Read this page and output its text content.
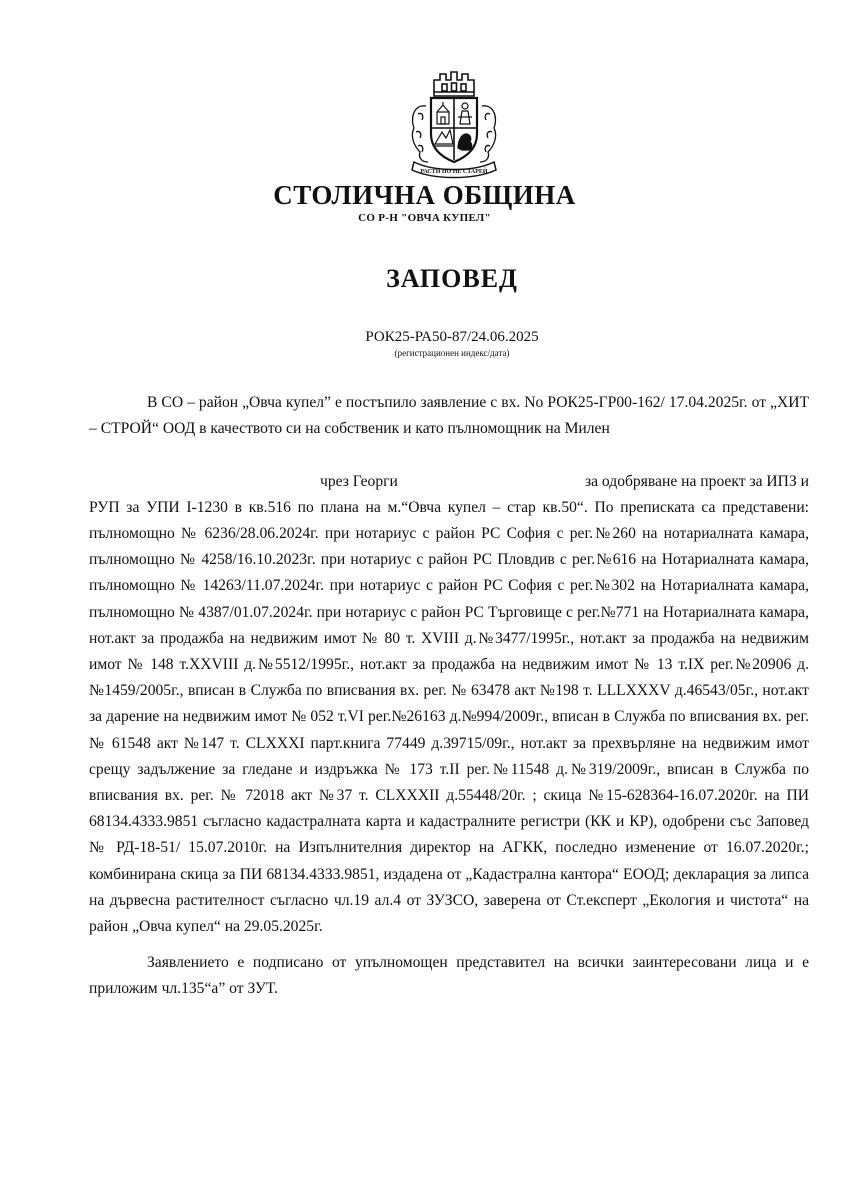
РАСТИ НО НЕ СТАРЕЙ
СТОЛИЧНА ОБЩИНА
СО Р-Н "ОВЧА КУПЕЛ"
ЗАПОВЕД
РОК25-РА50-87/24.06.2025
(регистрационен индекс/дата)

В СО – район „Овча купел” е постъпило заявление с вх. No РОК25-ГР00-162/ 17.04.2025г. от „ХИТ – СТРОЙ“ ООД в качеството си на собственик и като пълномощник на Милен

чрез Георги	за одобряване на проект за ИПЗ и

РУП за УПИ I-1230 в кв.516 по плана на м.“Овча купел – стар кв.50“. По преписката са представени: пълномощно № 6236/28.06.2024г. при нотариус с район РС София с рег.№260 на нотариалната камара, пълномощно № 4258/16.10.2023г. при нотариус с район РС Пловдив с рег.№616 на Нотариалната камара, пълномощно № 14263/11.07.2024г. при нотариус с район РС София с рег.№302 на Нотариалната камара, пълномощно № 4387/01.07.2024г. при нотариус с район РС Търговище с рег.№771 на Нотариалната камара, нот.акт за продажба на недвижим имот № 80 т. XVIII д.№3477/1995г., нот.акт за продажба на недвижим имот № 148 т.XXVIII д.№5512/1995г., нот.акт за продажба на недвижим имот № 13 т.IX рег.№20906 д.№1459/2005г., вписан в Служба по вписвания вх. рег. № 63478 акт №198 т. LLLXXXV д.46543/05г., нот.акт за дарение на недвижим имот № 052 т.VI рег.№26163 д.№994/2009г., вписан в Служба по вписвания вх. рег. № 61548 акт №147 т. CLXXXI парт.книга 77449 д.39715/09г., нот.акт за прехвърляне на недвижим имот срещу задължение за гледане и издръжка № 173 т.II рег.№11548 д.№319/2009г., вписан в Служба по вписвания вх. рег. № 72018 акт №37 т. CLXXXII д.55448/20г. ; скица №15-628364-16.07.2020г. на ПИ 68134.4333.9851 съгласно кадастралната карта и кадастралните регистри (КК и КР), одобрени със Заповед № РД-18-51/ 15.07.2010г. на Изпълнителния директор на АГКК, последно изменение от 16.07.2020г.; комбинирана скица за ПИ 68134.4333.9851, издадена от „Кадастрална кантора“ ЕООД; декларация за липса на дървесна растителност съгласно чл.19 ал.4 от ЗУЗСО, заверена от Ст.експерт „Екология и чистота“ на район „Овча купел“ на 29.05.2025г.

Заявлението е подписано от упълномощен представител на всички заинтересовани лица и е приложим чл.135“а” от ЗУТ.
